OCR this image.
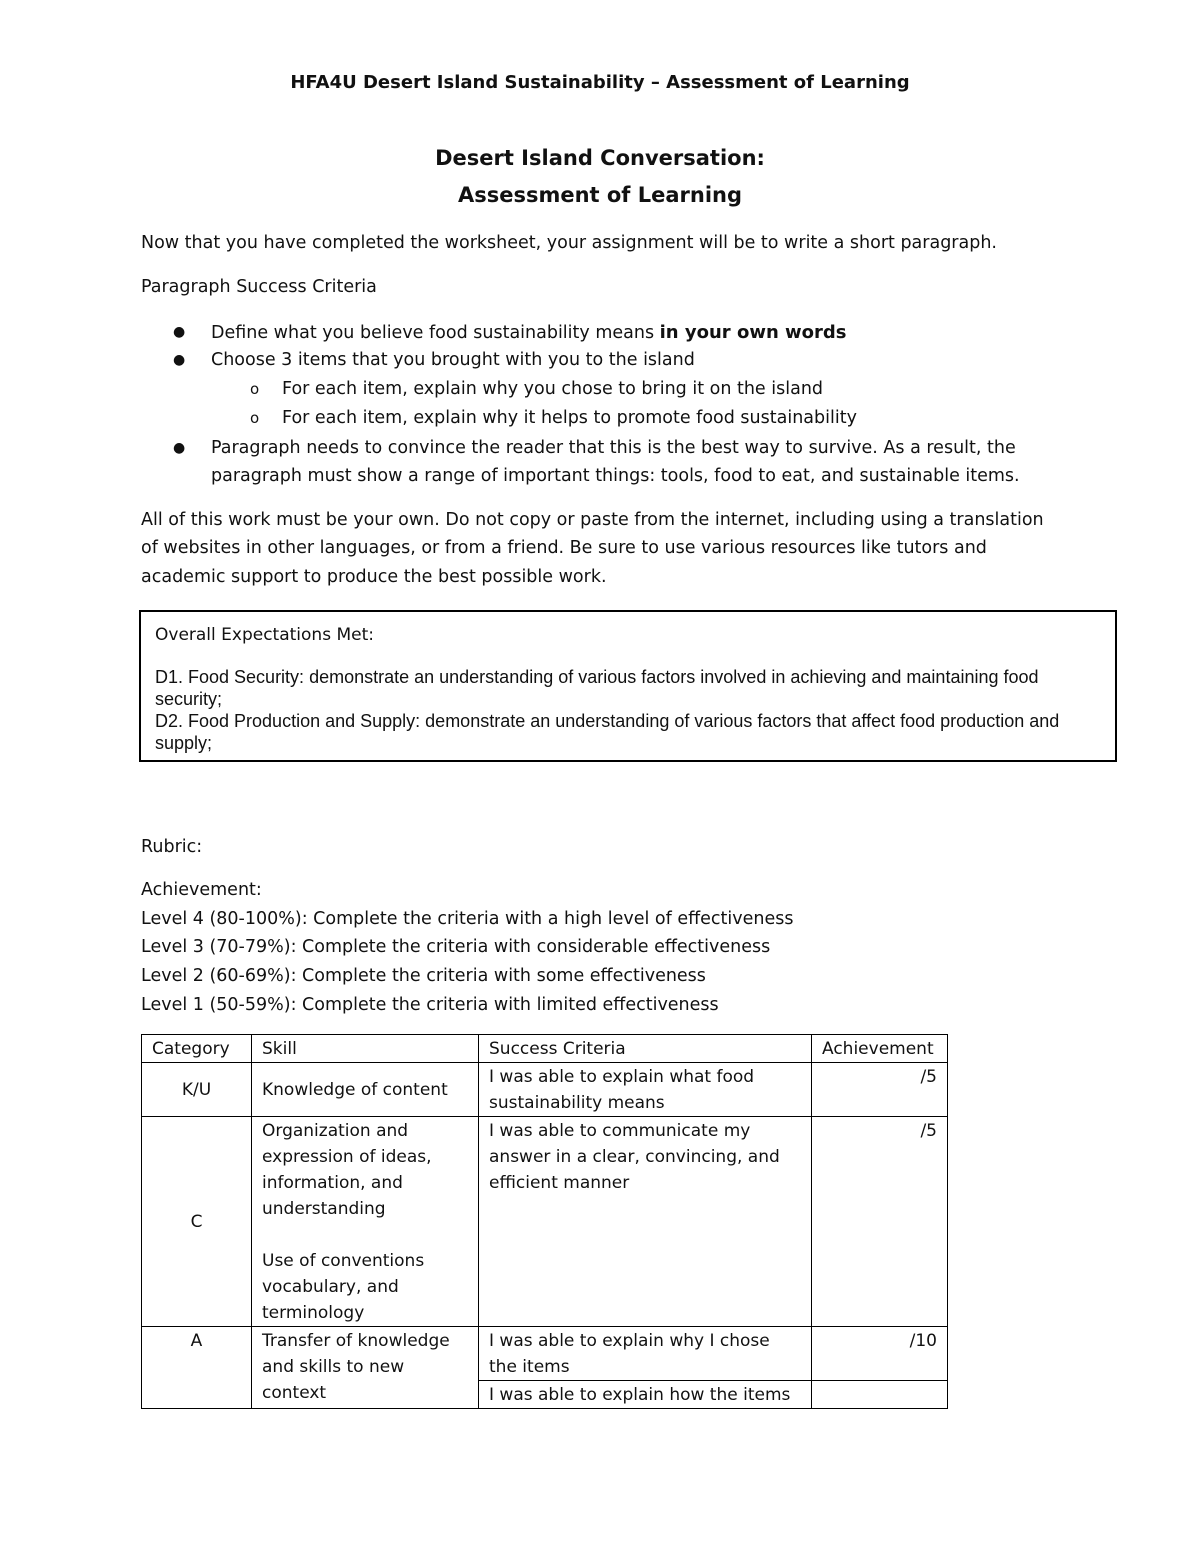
HFA4U Desert Island Sustainability – Assessment of Learning
Desert Island Conversation:
Assessment of Learning
Now that you have completed the worksheet, your assignment will be to write a short paragraph.
Paragraph Success Criteria
● Define what you believe food sustainability means in your own words
● Choose 3 items that you brought with you to the island
o For each item, explain why you chose to bring it on the island
o For each item, explain why it helps to promote food sustainability
● Paragraph needs to convince the reader that this is the best way to survive. As a result, the
paragraph must show a range of important things: tools, food to eat, and sustainable items.
All of this work must be your own. Do not copy or paste from the internet, including using a translation
of websites in other languages, or from a friend. Be sure to use various resources like tutors and
academic support to produce the best possible work.
Overall Expectations Met:
D1. Food Security: demonstrate an understanding of various factors involved in achieving and maintaining food security;
D2. Food Production and Supply: demonstrate an understanding of various factors that affect food production and supply;
Rubric:
Achievement:
Level 4 (80-100%): Complete the criteria with a high level of effectiveness
Level 3 (70-79%): Complete the criteria with considerable effectiveness
Level 2 (60-69%): Complete the criteria with some effectiveness
Level 1 (50-59%): Complete the criteria with limited effectiveness
Category	Skill	Success Criteria	Achievement
K/U	Knowledge of content	I was able to explain what food sustainability means	/5
C	Organization and expression of ideas, information, and understanding
Use of conventions vocabulary, and terminology	I was able to communicate my answer in a clear, convincing, and efficient manner	/5
A	Transfer of knowledge and skills to new context	I was able to explain why I chose the items	/10
		I was able to explain how the items	
